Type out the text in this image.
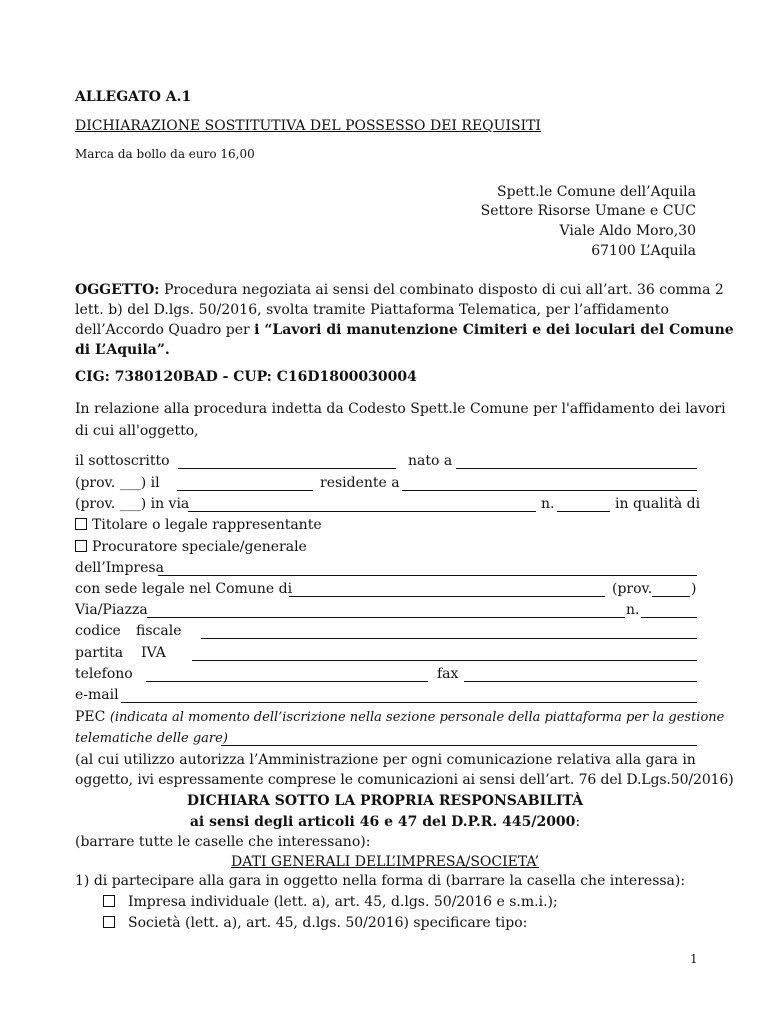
ALLEGATO A.1
DICHIARAZIONE SOSTITUTIVA DEL POSSESSO DEI REQUISITI
Marca da bollo da euro 16,00
Spett.le Comune dell’Aquila
Settore Risorse Umane e CUC
Viale Aldo Moro,30
67100 L’Aquila
OGGETTO: Procedura negoziata ai sensi del combinato disposto di cui all’art. 36 comma 2
lett. b) del D.lgs. 50/2016, svolta tramite Piattaforma Telematica, per l’affidamento
dell’Accordo Quadro per i “Lavori di manutenzione Cimiteri e dei loculari del Comune
di L’Aquila”.
CIG: 7380120BAD - CUP: C16D1800030004
In relazione alla procedura indetta da Codesto Spett.le Comune per l'affidamento dei lavori
di cui all'oggetto,
il sottoscritto	nato a
(prov. ___) il	residente a
(prov. ___) in via	n.	in qualità di
Titolare o legale rappresentante
Procuratore speciale/generale
dell’Impresa
con sede legale nel Comune di	(prov.	)
Via/Piazza	n.
codice fiscale
partita IVA
telefono	fax
e-mail
PEC (indicata al momento dell’iscrizione nella sezione personale della piattaforma per la gestione
telematiche delle gare)
(al cui utilizzo autorizza l’Amministrazione per ogni comunicazione relativa alla gara in
oggetto, ivi espressamente comprese le comunicazioni ai sensi dell’art. 76 del D.Lgs.50/2016)
DICHIARA SOTTO LA PROPRIA RESPONSABILITÀ
ai sensi degli articoli 46 e 47 del D.P.R. 445/2000:
(barrare tutte le caselle che interessano):
DATI GENERALI DELL’IMPRESA/SOCIETA’
1) di partecipare alla gara in oggetto nella forma di (barrare la casella che interessa):
Impresa individuale (lett. a), art. 45, d.lgs. 50/2016 e s.m.i.);
Società (lett. a), art. 45, d.lgs. 50/2016) specificare tipo:
1
